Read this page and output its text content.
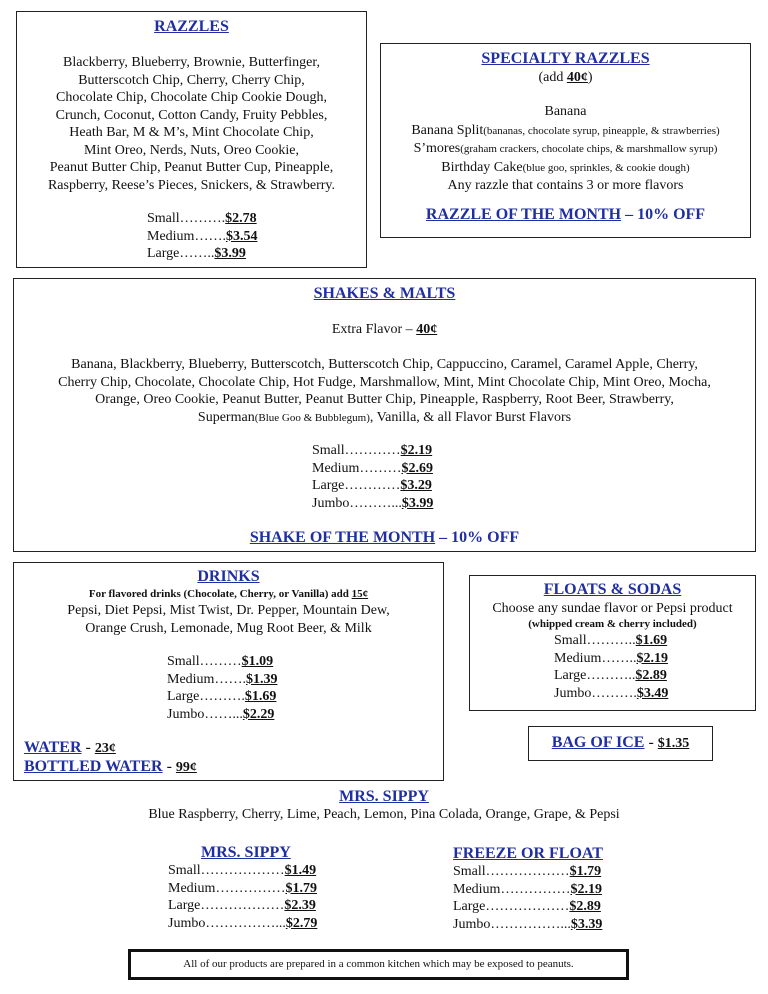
RAZZLES
Blackberry, Blueberry, Brownie, Butterfinger,
Butterscotch Chip, Cherry, Cherry Chip,
Chocolate Chip, Chocolate Chip Cookie Dough,
Crunch, Coconut, Cotton Candy, Fruity Pebbles,
Heath Bar, M & M’s, Mint Chocolate Chip,
Mint Oreo, Nerds, Nuts, Oreo Cookie,
Peanut Butter Chip, Peanut Butter Cup, Pineapple,
Raspberry, Reese’s Pieces, Snickers, & Strawberry.
Small……….$2.78
Medium…….$3.54
Large……..$3.99
SPECIALTY RAZZLES
(add 40¢)
Banana
Banana Split(bananas, chocolate syrup, pineapple, & strawberries)
S’mores(graham crackers, chocolate chips, & marshmallow syrup)
Birthday Cake(blue goo, sprinkles, & cookie dough)
Any razzle that contains 3 or more flavors
RAZZLE OF THE MONTH – 10% OFF
SHAKES & MALTS
Extra Flavor – 40¢
Banana, Blackberry, Blueberry, Butterscotch, Butterscotch Chip, Cappuccino, Caramel, Caramel Apple, Cherry,
Cherry Chip, Chocolate, Chocolate Chip, Hot Fudge, Marshmallow, Mint, Mint Chocolate Chip, Mint Oreo, Mocha,
Orange, Oreo Cookie, Peanut Butter, Peanut Butter Chip, Pineapple, Raspberry, Root Beer, Strawberry,
Superman(Blue Goo & Bubblegum), Vanilla, & all Flavor Burst Flavors
Small…………$2.19
Medium………$2.69
Large…………$3.29
Jumbo………...$3.99
SHAKE OF THE MONTH – 10% OFF
DRINKS
For flavored drinks (Chocolate, Cherry, or Vanilla) add 15¢
Pepsi, Diet Pepsi, Mist Twist, Dr. Pepper, Mountain Dew,
Orange Crush, Lemonade, Mug Root Beer, & Milk
Small………$1.09
Medium…….$1.39
Large……….$1.69
Jumbo……...$2.29
WATER - 23¢
BOTTLED WATER - 99¢
FLOATS & SODAS
Choose any sundae flavor or Pepsi product
(whipped cream & cherry included)
Small………..$1.69
Medium……..$2.19
Large………..$2.89
Jumbo……….$3.49
BAG OF ICE - $1.35
MRS. SIPPY
Blue Raspberry, Cherry, Lime, Peach, Lemon, Pina Colada, Orange, Grape, & Pepsi
MRS. SIPPY
Small………………$1.49
Medium……………$1.79
Large………………$2.39
Jumbo……………...$2.79
FREEZE OR FLOAT
Small………………$1.79
Medium……………$2.19
Large………………$2.89
Jumbo……………...$3.39
All of our products are prepared in a common kitchen which may be exposed to peanuts.
